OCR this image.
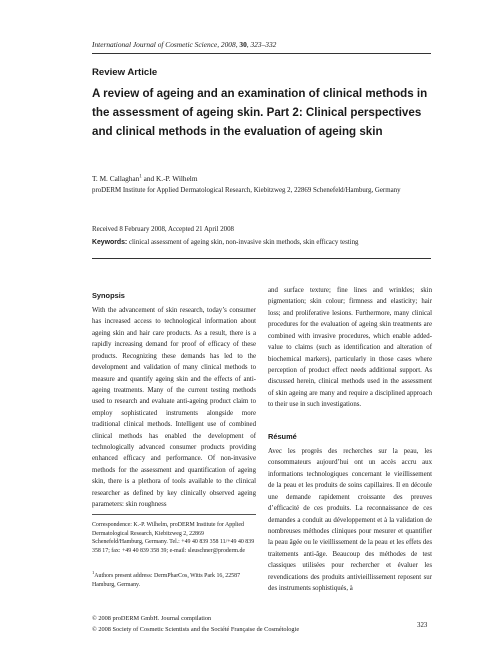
International Journal of Cosmetic Science, 2008, 30, 323–332
Review Article
A review of ageing and an examination of clinical methods in the assessment of ageing skin. Part 2: Clinical perspectives and clinical methods in the evaluation of ageing skin
T. M. Callaghan$^1$ and K.-P. Wilhelm
proDERM Institute for Applied Dermatological Research, Kiebitzweg 2, 22869 Schenefeld/Hamburg, Germany
Received 8 February 2008, Accepted 21 April 2008
Keywords: clinical assessment of ageing skin, non-invasive skin methods, skin efficacy testing
Synopsis

With the advancement of skin research, today’s consumer has increased access to technological information about ageing skin and hair care products. As a result, there is a rapidly increasing demand for proof of efficacy of these products. Recognizing these demands has led to the development and validation of many clinical methods to measure and quantify ageing skin and the effects of anti-ageing treatments. Many of the current testing methods used to research and evaluate anti-ageing product claim to employ sophisticated instruments alongside more traditional clinical methods. Intelligent use of combined clinical methods has enabled the development of technologically advanced consumer products providing enhanced efficacy and performance. Of non-invasive methods for the assessment and quantification of ageing skin, there is a plethora of tools available to the clinical researcher as defined by key clinically observed ageing parameters: skin roughness

and surface texture; fine lines and wrinkles; skin pigmentation; skin colour; firmness and elasticity; hair loss; and proliferative lesions. Furthermore, many clinical procedures for the evaluation of ageing skin treatments are combined with invasive procedures, which enable added-value to claims (such as identification and alteration of biochemical markers), particularly in those cases where perception of product effect needs additional support. As discussed herein, clinical methods used in the assessment of skin ageing are many and require a disciplined approach to their use in such investigations.

Résumé

Avec les progrès des recherches sur la peau, les consommateurs aujourd’hui ont un accès accru aux informations technologiques concernant le vieillissement de la peau et les produits de soins capillaires. Il en découle une demande rapidement croissante des preuves d’efficacité de ces produits. La reconnaissance de ces demandes a conduit au développement et à la validation de nombreuses méthodes cliniques pour mesurer et quantifier la peau âgée ou le vieillissement de la peau et les effets des traitements anti-âge. Beaucoup des méthodes de test classiques utilisées pour rechercher et évaluer les revendications des produits antivieillissement reposent sur des instruments sophistiqués, à

Correspondence: K.-P. Wilhelm, proDERM Institute for Applied Dermatological Research, Kiebitzweg 2, 22869 Schenefeld/Hamburg, Germany. Tel.: +49 40 839 358 11/+49 40 839 358 17; fax: +49 40 839 358 39; e-mail: sleuschner@proderm.de
$^1$Authors present address: DermPharCos, Witts Park 16, 22587 Hamburg, Germany.
© 2008 proDERM GmbH. Journal compilation
© 2008 Society of Cosmetic Scientists and the Société Française de Cosmétologie
323
